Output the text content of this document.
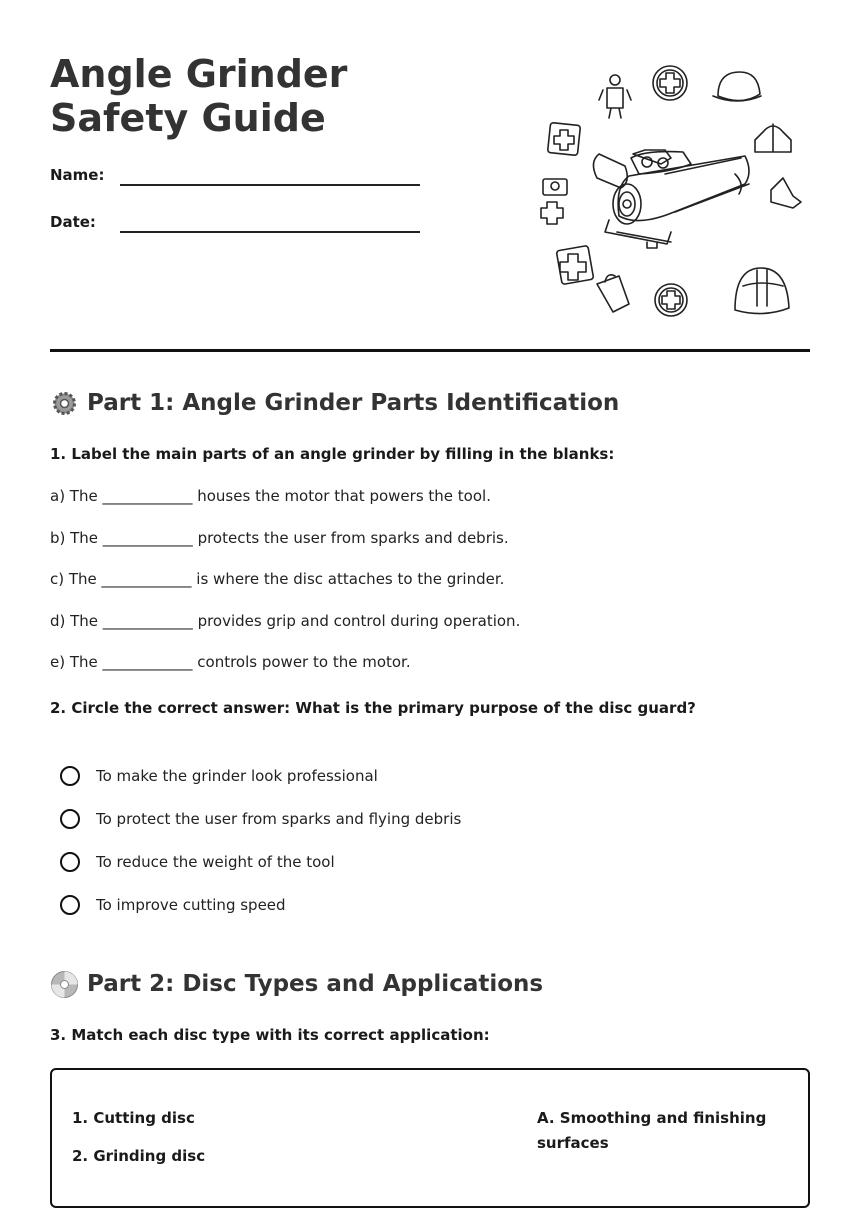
Angle Grinder Safety Guide
Name:
Date:
Part 1: Angle Grinder Parts Identification
1. Label the main parts of an angle grinder by filling in the blanks:
a) The ____________ houses the motor that powers the tool.
b) The ____________ protects the user from sparks and debris.
c) The ____________ is where the disc attaches to the grinder.
d) The ____________ provides grip and control during operation.
e) The ____________ controls power to the motor.
2. Circle the correct answer: What is the primary purpose of the disc guard?
To make the grinder look professional
To protect the user from sparks and flying debris
To reduce the weight of the tool
To improve cutting speed
Part 2: Disc Types and Applications
3. Match each disc type with its correct application:
1. Cutting disc
2. Grinding disc
A. Smoothing and finishing surfaces
